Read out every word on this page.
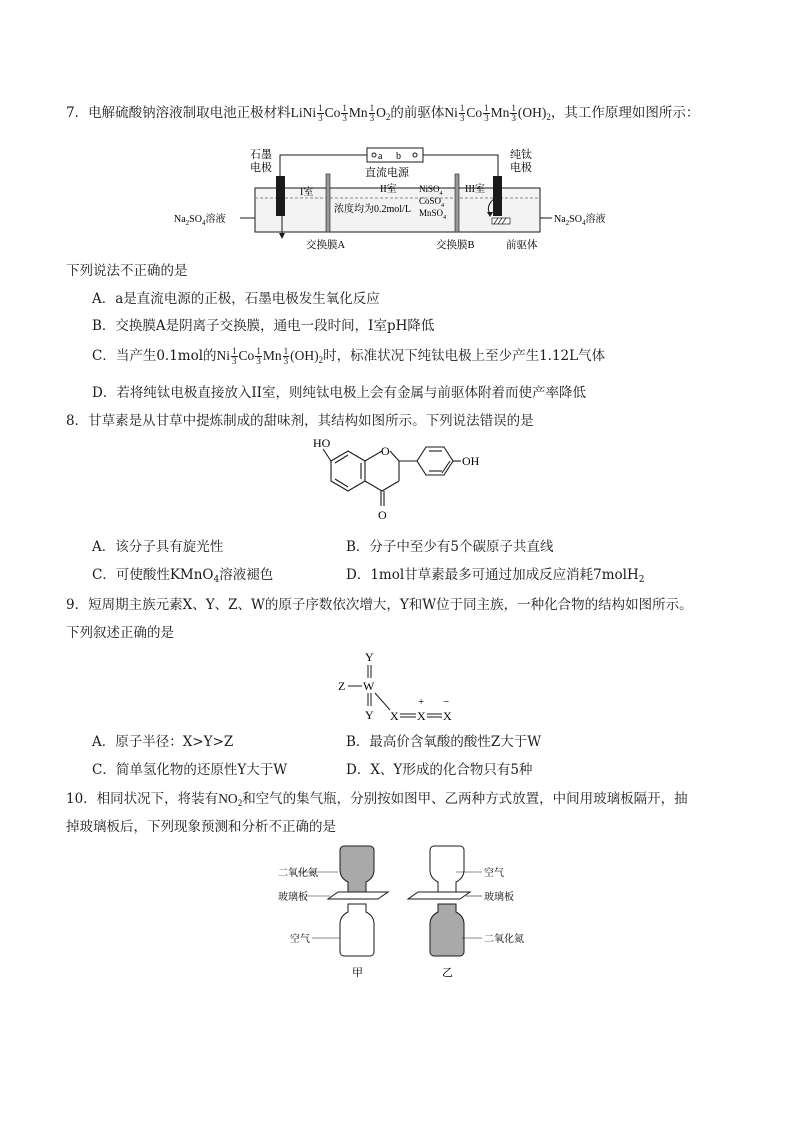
7．电解硫酸钠溶液制取电池正极材料LiNi $\frac{1}{3}$ Co $\frac{1}{3}$ Mn $\frac{1}{3} O_2$的前驱体Ni $\frac{1}{3}$ Co $\frac{1}{3}$ Mn $\frac{1}{3} (OH)_2$，其工作原理如图所示：
a b
直流电源
石墨
电极
纯钛
电极
I室	II室	III室
浓度均为0.2mol/L
NiSO$_4$
CoSO$_4$
MnSO$_4$
$Na_2SO_4$溶液	$Na_2SO_4$溶液
交换膜A	交换膜B	前驱体
下列说法不正确的是
A．a是直流电源的正极，石墨电极发生氧化反应
B．交换膜A是阴离子交换膜，通电一段时间，I室pH降低
C．当产生0.1mol的Ni $\frac{1}{3}$ Co $\frac{1}{3}$ Mn $\frac{1}{3} (OH)_2$时，标准状况下纯钛电极上至少产生1.12L气体
D．若将纯钛电极直接放入II室，则纯钛电极上会有金属与前驱体附着而使产率降低
8．甘草素是从甘草中提炼制成的甜味剂，其结构如图所示。下列说法错误的是
HO
O
O
OH
A．该分子具有旋光性	B．分子中至少有5个碳原子共直线
C．可使酸性KMnO$_4$溶液褪色	D．1mol甘草素最多可通过加成反应消耗7molH$_2$
9．短周期主族元素X、Y、Z、W的原子序数依次增大，Y和W位于同主族，一种化合物的结构如图所示。
下列叙述正确的是
Y
Z W
Y X X X
+ −
A．原子半径：X>Y>Z	B．最高价含氧酸的酸性Z大于W
C．简单氢化物的还原性Y大于W	D．X、Y形成的化合物只有5种
10．相同状况下，将装有$NO_2$和空气的集气瓶，分别按如图甲、乙两种方式放置，中间用玻璃板隔开，抽
掉玻璃板后，下列现象预测和分析不正确的是
二氧化氮
玻璃板
空气
甲
空气
玻璃板
二氧化氮
乙
